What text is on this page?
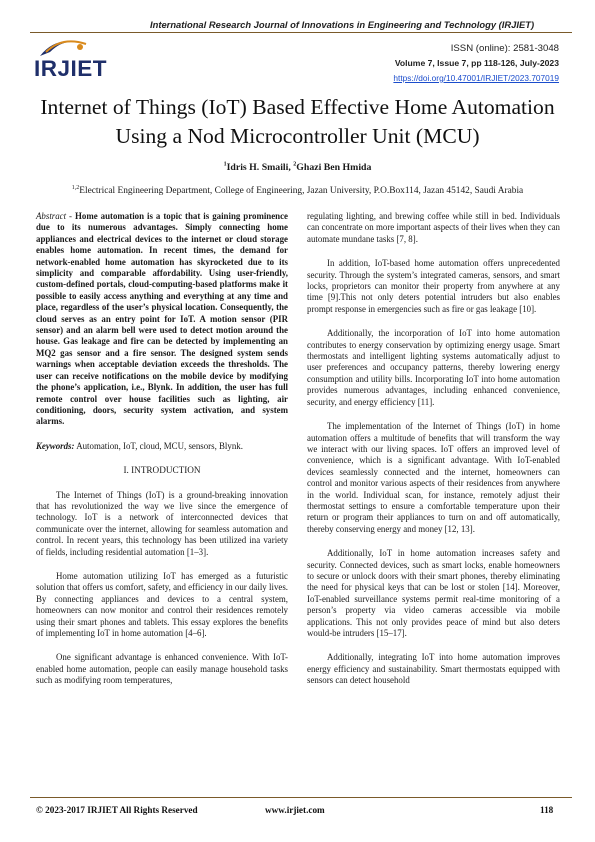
International Research Journal of Innovations in Engineering and Technology (IRJIET)
IRJIET
ISSN (online): 2581-3048
Volume 7, Issue 7, pp 118-126, July-2023
https://doi.org/10.47001/IRJIET/2023.707019
Internet of Things (IoT) Based Effective Home Automation Using a Nod Microcontroller Unit (MCU)
$^1$Idris H. Smaili, $^2$Ghazi Ben Hmida
$^{1,2}$Electrical Engineering Department, College of Engineering, Jazan University, P.O.Box114, Jazan 45142, Saudi Arabia

Abstract - Home automation is a topic that is gaining prominence due to its numerous advantages. Simply connecting home appliances and electrical devices to the internet or cloud storage enables home automation. In recent times, the demand for network-enabled home automation has skyrocketed due to its simplicity and comparable affordability. Using user-friendly, custom-defined portals, cloud-computing-based platforms make it possible to easily access anything and everything at any time and place, regardless of the user’s physical location. Consequently, the cloud serves as an entry point for IoT. A motion sensor (PIR sensor) and an alarm bell were used to detect motion around the house. Gas leakage and fire can be detected by implementing an MQ2 gas sensor and a fire sensor. The designed system sends warnings when acceptable deviation exceeds the thresholds. The user can receive notifications on the mobile device by modifying the phone’s application, i.e., Blynk. In addition, the user has full remote control over house facilities such as lighting, air conditioning, doors, security system activation, and system alarms.

Keywords: Automation, IoT, cloud, MCU, sensors, Blynk.

I. INTRODUCTION

The Internet of Things (IoT) is a ground-breaking innovation that has revolutionized the way we live since the emergence of technology. IoT is a network of interconnected devices that communicate over the internet, allowing for seamless automation and control. In recent years, this technology has been utilized ina variety of fields, including residential automation [1–3].

Home automation utilizing IoT has emerged as a futuristic solution that offers us comfort, safety, and efficiency in our daily lives. By connecting appliances and devices to a central system, homeowners can now monitor and control their residences remotely using their smart phones and tablets. This essay explores the benefits of implementing IoT in home automation [4–6].

One significant advantage is enhanced convenience. With IoT-enabled home automation, people can easily manage household tasks such as modifying room temperatures,

regulating lighting, and brewing coffee while still in bed. Individuals can concentrate on more important aspects of their lives when they can automate mundane tasks [7, 8].

In addition, IoT-based home automation offers unprecedented security. Through the system’s integrated cameras, sensors, and smart locks, proprietors can monitor their property from anywhere at any time [9].This not only deters potential intruders but also enables prompt response in emergencies such as fire or gas leakage [10].

Additionally, the incorporation of IoT into home automation contributes to energy conservation by optimizing energy usage. Smart thermostats and intelligent lighting systems automatically adjust to user preferences and occupancy patterns, thereby lowering energy consumption and utility bills. Incorporating IoT into home automation provides numerous advantages, including enhanced convenience, security, and energy efficiency [11].

The implementation of the Internet of Things (IoT) in home automation offers a multitude of benefits that will transform the way we interact with our living spaces. IoT offers an improved level of convenience, which is a significant advantage. With IoT-enabled devices seamlessly connected and the internet, homeowners can control and monitor various aspects of their residences from anywhere in the world. Individual scan, for instance, remotely adjust their thermostat settings to ensure a comfortable temperature upon their return or program their appliances to turn on and off automatically, thereby conserving energy and money [12, 13].

Additionally, IoT in home automation increases safety and security. Connected devices, such as smart locks, enable homeowners to secure or unlock doors with their smart phones, thereby eliminating the need for physical keys that can be lost or stolen [14]. Moreover, IoT-enabled surveillance systems permit real-time monitoring of a person’s property via video cameras accessible via mobile applications. This not only provides peace of mind but also deters would-be intruders [15–17].

Additionally, integrating IoT into home automation improves energy efficiency and sustainability. Smart thermostats equipped with sensors can detect household

© 2023-2017 IRJIET All Rights Reserved	www.irjiet.com	118
